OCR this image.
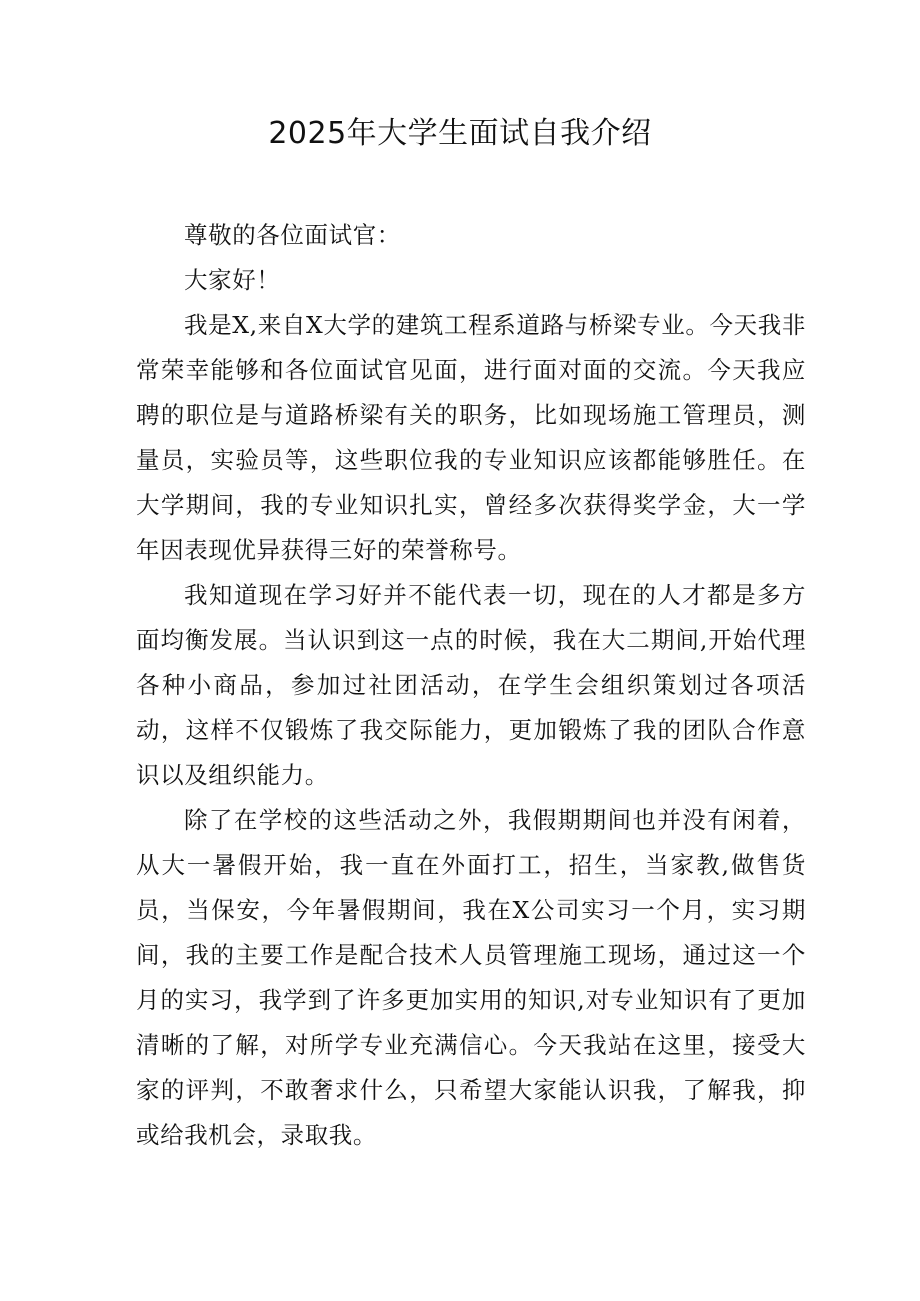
2025年大学生面试自我介绍

尊敬的各位面试官：

大家好！

我是X,来自X大学的建筑工程系道路与桥梁专业。今天我非常荣幸能够和各位面试官见面，进行面对面的交流。今天我应聘的职位是与道路桥梁有关的职务，比如现场施工管理员，测量员，实验员等，这些职位我的专业知识应该都能够胜任。在大学期间，我的专业知识扎实，曾经多次获得奖学金，大一学年因表现优异获得三好的荣誉称号。

我知道现在学习好并不能代表一切，现在的人才都是多方面均衡发展。当认识到这一点的时候，我在大二期间,开始代理各种小商品，参加过社团活动，在学生会组织策划过各项活动，这样不仅锻炼了我交际能力，更加锻炼了我的团队合作意识以及组织能力。

除了在学校的这些活动之外，我假期期间也并没有闲着，从大一暑假开始，我一直在外面打工，招生，当家教,做售货员，当保安，今年暑假期间，我在X公司实习一个月，实习期间，我的主要工作是配合技术人员管理施工现场，通过这一个月的实习，我学到了许多更加实用的知识,对专业知识有了更加清晰的了解，对所学专业充满信心。今天我站在这里，接受大家的评判，不敢奢求什么，只希望大家能认识我，了解我，抑或给我机会，录取我。
